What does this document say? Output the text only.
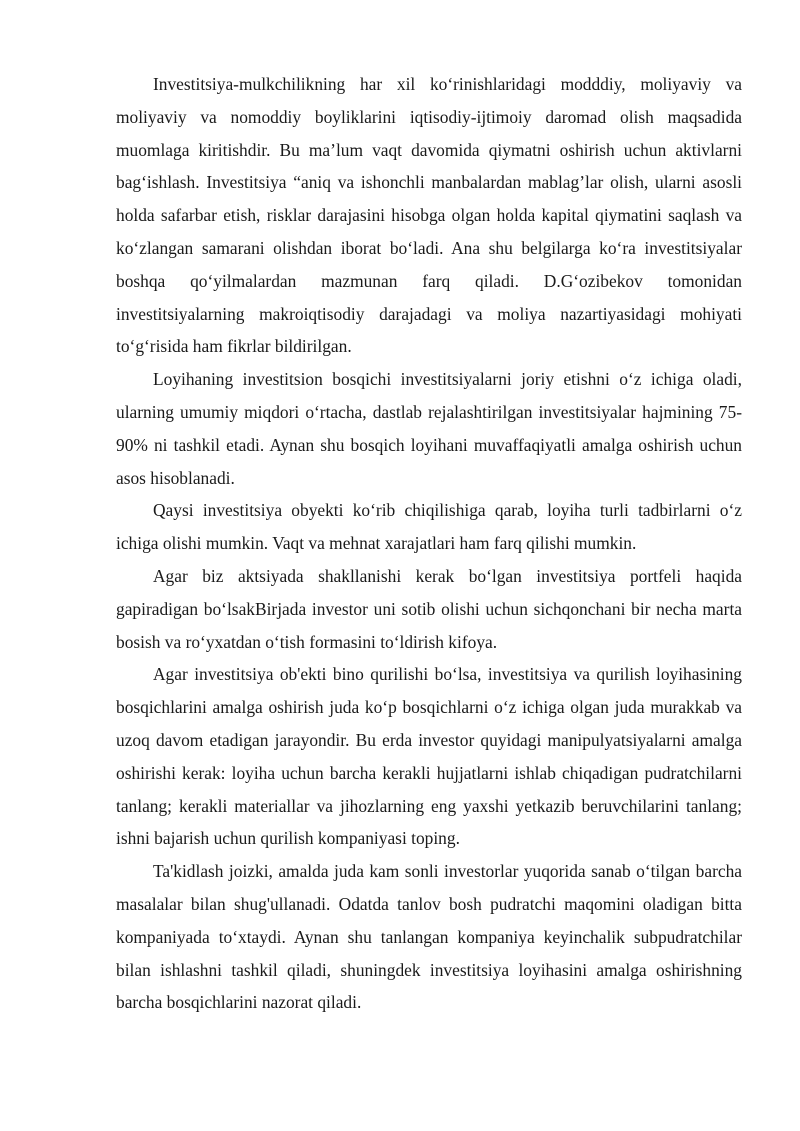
Investitsiya-mulkchilikning har xil ko‘rinishlaridagi modddiy, moliyaviy va moliyaviy va nomoddiy boyliklarini iqtisodiy-ijtimoiy daromad olish maqsadida muomlaga kiritishdir. Bu ma’lum vaqt davomida qiymatni oshirish uchun aktivlarni bag‘ishlash. Investitsiya “aniq va ishonchli manbalardan mablag’lar olish, ularni asosli holda safarbar etish, risklar darajasini hisobga olgan holda kapital qiymatini saqlash va ko‘zlangan samarani olishdan iborat bo‘ladi. Ana shu belgilarga ko‘ra investitsiyalar boshqa qo‘yilmalardan mazmunan farq qiladi. D.G‘ozibekov tomonidan investitsiyalarning makroiqtisodiy darajadagi va moliya nazartiyasidagi mohiyati to‘g‘risida ham fikrlar bildirilgan.

Loyihaning investitsion bosqichi investitsiyalarni joriy etishni o‘z ichiga oladi, ularning umumiy miqdori o‘rtacha, dastlab rejalashtirilgan investitsiyalar hajmining 75-90% ni tashkil etadi. Aynan shu bosqich loyihani muvaffaqiyatli amalga oshirish uchun asos hisoblanadi.

Qaysi investitsiya obyekti ko‘rib chiqilishiga qarab, loyiha turli tadbirlarni o‘z ichiga olishi mumkin. Vaqt va mehnat xarajatlari ham farq qilishi mumkin.

Agar biz aktsiyada shakllanishi kerak bo‘lgan investitsiya portfeli haqida gapiradigan bo‘lsakBirjada investor uni sotib olishi uchun sichqonchani bir necha marta bosish va ro‘yxatdan o‘tish formasini to‘ldirish kifoya.

Agar investitsiya ob'ekti bino qurilishi bo‘lsa, investitsiya va qurilish loyihasining bosqichlarini amalga oshirish juda ko‘p bosqichlarni o‘z ichiga olgan juda murakkab va uzoq davom etadigan jarayondir. Bu erda investor quyidagi manipulyatsiyalarni amalga oshirishi kerak: loyiha uchun barcha kerakli hujjatlarni ishlab chiqadigan pudratchilarni tanlang; kerakli materiallar va jihozlarning eng yaxshi yetkazib beruvchilarini tanlang; ishni bajarish uchun qurilish kompaniyasi toping.

Ta'kidlash joizki, amalda juda kam sonli investorlar yuqorida sanab o‘tilgan barcha masalalar bilan shug'ullanadi. Odatda tanlov bosh pudratchi maqomini oladigan bitta kompaniyada to‘xtaydi. Aynan shu tanlangan kompaniya keyinchalik subpudratchilar bilan ishlashni tashkil qiladi, shuningdek investitsiya loyihasini amalga oshirishning barcha bosqichlarini nazorat qiladi.
